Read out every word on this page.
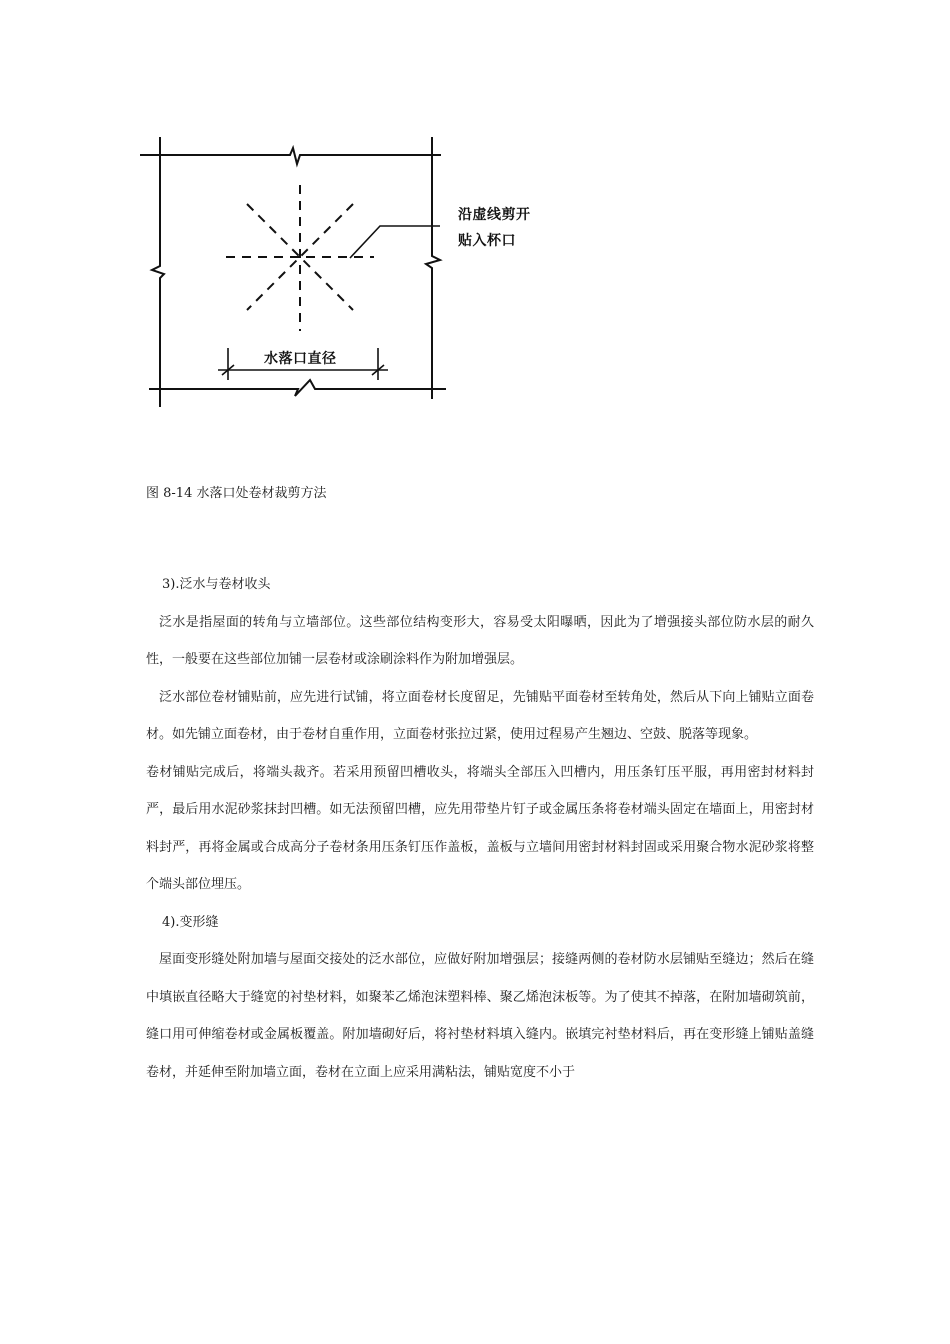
沿虚线剪开
贴入杯口
水落口直径
图 8-14 水落口处卷材裁剪方法

3).泛水与卷材收头

泛水是指屋面的转角与立墙部位。这些部位结构变形大，容易受太阳曝晒，因此为了增强接头部位防水层的耐久性，一般要在这些部位加铺一层卷材或涂刷涂料作为附加增强层。

泛水部位卷材铺贴前，应先进行试铺，将立面卷材长度留足，先铺贴平面卷材至转角处，然后从下向上铺贴立面卷材。如先铺立面卷材，由于卷材自重作用，立面卷材张拉过紧，使用过程易产生翘边、空鼓、脱落等现象。

卷材铺贴完成后，将端头裁齐。若采用预留凹槽收头，将端头全部压入凹槽内，用压条钉压平服，再用密封材料封严，最后用水泥砂浆抹封凹槽。如无法预留凹槽，应先用带垫片钉子或金属压条将卷材端头固定在墙面上，用密封材料封严，再将金属或合成高分子卷材条用压条钉压作盖板，盖板与立墙间用密封材料封固或采用聚合物水泥砂浆将整个端头部位埋压。

4).变形缝

屋面变形缝处附加墙与屋面交接处的泛水部位，应做好附加增强层；接缝两侧的卷材防水层铺贴至缝边；然后在缝中填嵌直径略大于缝宽的衬垫材料，如聚苯乙烯泡沫塑料棒、聚乙烯泡沫板等。为了使其不掉落，在附加墙砌筑前，缝口用可伸缩卷材或金属板覆盖。附加墙砌好后，将衬垫材料填入缝内。嵌填完衬垫材料后，再在变形缝上铺贴盖缝卷材，并延伸至附加墙立面，卷材在立面上应采用满粘法，铺贴宽度不小于
